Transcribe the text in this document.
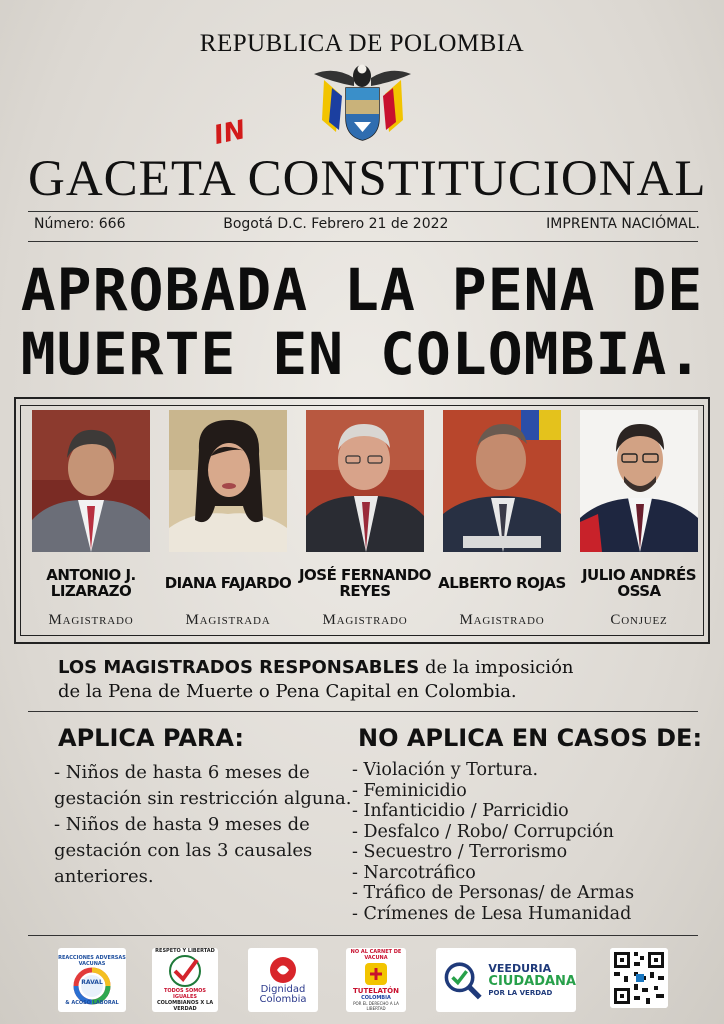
REPUBLICA DE POLOMBIA
GACETA CONSTITUCIONAL
IN
Número: 666	Bogotá D.C. Febrero 21 de 2022	IMPRENTA NACIÓMAL.
APROBADA LA PENA DE
MUERTE EN COLOMBIA.
ANTONIO J.
LIZARAZO
Magistrado
DIANA FAJARDO

Magistrada
JOSÉ FERNANDO
REYES
Magistrado
ALBERTO ROJAS

Magistrado
JULIO ANDRÉS
OSSA
Conjuez
LOS MAGISTRADOS RESPONSABLES de la imposición
de la Pena de Muerte o Pena Capital en Colombia.
APLICA PARA:	NO APLICA EN CASOS DE:
- Niños de hasta 6 meses de gestación sin restricción alguna.
- Niños de hasta 9 meses de gestación con las 3 causales anteriores.
- Violación y Tortura.
- Feminicidio
- Infanticidio / Parricidio
- Desfalco / Robo/ Corrupción
- Secuestro / Terrorismo
- Narcotráfico
- Tráfico de Personas/ de Armas
- Crímenes de Lesa Humanidad
REACCIONES ADVERSAS VACUNAS
RAVAL
& ACOSO LABORAL
RESPETO Y LIBERTAD
TODOS SOMOS IGUALES
COLOMBIANOS X LA VERDAD
Dignidad
Colombia
NO AL CARNET DE VACUNA
TUTELATÓN
COLOMBIA
POR EL DERECHO A LA LIBERTAD
VEEDURIA
CIUDADANA
POR LA VERDAD
